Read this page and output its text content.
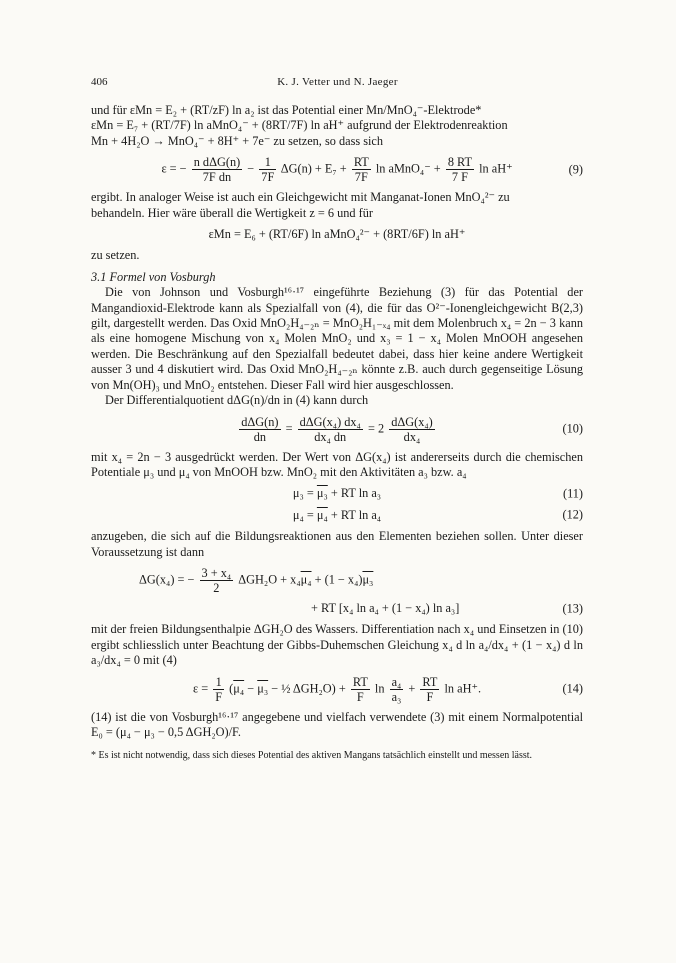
406	K. J. Vetter und N. Jaeger

und für εMn = E₂ + (RT/zF) ln a₂ ist das Potential einer Mn/MnO₄⁻-Elektrode*
εMn = E₇ + (RT/7F) ln aMnO₄⁻ + (8RT/7F) ln aH⁺ aufgrund der Elektrodenreaktion
Mn + 4H₂O → MnO₄⁻ + 8H⁺ + 7e⁻ zu setzen, so dass sich

ε = − $\frac{\text{n dΔG(n)}}{\text{7F dn}} - \frac{1}{7F} \Delta G(n) + E_7 + \frac{RT}{7F}$ ln aMnO₄⁻ + $\frac{8 RT}{7 F}$ ln aH⁺	(9)

ergibt. In analoger Weise ist auch ein Gleichgewicht mit Manganat-Ionen MnO₄²⁻ zu
behandeln. Hier wäre überall die Wertigkeit z = 6 und für

εMn = E₆ + (RT/6F) ln aMnO₄²⁻ + (8RT/6F) ln aH⁺

zu setzen.

3.1 Formel von Vosburgh

Die von Johnson und Vosburgh¹⁶·¹⁷ eingeführte Beziehung (3) für das Potential der Mangandioxid-Elektrode kann als Spezialfall von (4), die für das O²⁻-Ionengleichgewicht B(2,3) gilt, dargestellt werden. Das Oxid MnO₂H₄₋₂ₙ = MnO₂H₁₋ₓ₄ mit dem Molenbruch x₄ = 2n − 3 kann als eine homogene Mischung von x₄ Molen MnO₂ und x₃ = 1 − x₄ Molen MnOOH angesehen werden. Die Beschränkung auf den Spezialfall bedeutet dabei, dass hier keine andere Wertigkeit ausser 3 und 4 diskutiert wird. Das Oxid MnO₂H₄₋₂ₙ könnte z.B. auch durch gegenseitige Lösung von Mn(OH)₃ und MnO₂ entstehen. Dieser Fall wird hier ausgeschlossen.

Der Differentialquotient dΔG(n)/dn in (4) kann durch

$\frac{\text{dΔG(n)}}{dn} = \frac{\text{dΔG(x₄) dx₄}}{\text{dx₄ dn}} = 2 \frac{\text{dΔG(x₄)}}{\text{dx₄}}$	(10)

mit x₄ = 2n − 3 ausgedrückt werden. Der Wert von ΔG(x₄) ist andererseits durch die chemischen Potentiale μ₃ und μ₄ von MnOOH bzw. MnO₂ mit den Aktivitäten a₃ bzw. a₄

μ₃ = μ₃ + RT ln a₃	(11)
μ₄ = μ₄ + RT ln a₄	(12)

anzugeben, die sich auf die Bildungsreaktionen aus den Elementen beziehen sollen. Unter dieser Voraussetzung ist dann

ΔG(x₄) = − $\frac{\text{3 + x₄}}{2} \Delta GH_2O + x_4\mu_4 + (1 - x_4)\mu_3$
+ RT [x₄ ln a₄ + (1 − x₄) ln a₃]	(13)

mit der freien Bildungsenthalpie ΔGH₂O des Wassers. Differentiation nach x₄ und Einsetzen in (10) ergibt schliesslich unter Beachtung der Gibbs-Duhemschen Gleichung x₄ d ln a₄/dx₄ + (1 − x₄) d ln a₃/dx₄ = 0 mit (4)

$\varepsilon = \frac{1}{F} (\mu_4 - \mu_3$ − ½ $\Delta GH_2O) + \frac{RT}{F}$ $\ln \frac{\text{a₄}}{\text{a₃}} + \frac{RT}{F}$ ln aH⁺.	(14)

(14) ist die von Vosburgh¹⁶·¹⁷ angegebene und vielfach verwendete (3) mit einem Normalpotential E₀ = (μ₄ − μ₃ − 0,5 ΔGH₂O)/F.

* Es ist nicht notwendig, dass sich dieses Potential des aktiven Mangans tatsächlich einstellt und messen lässt.
